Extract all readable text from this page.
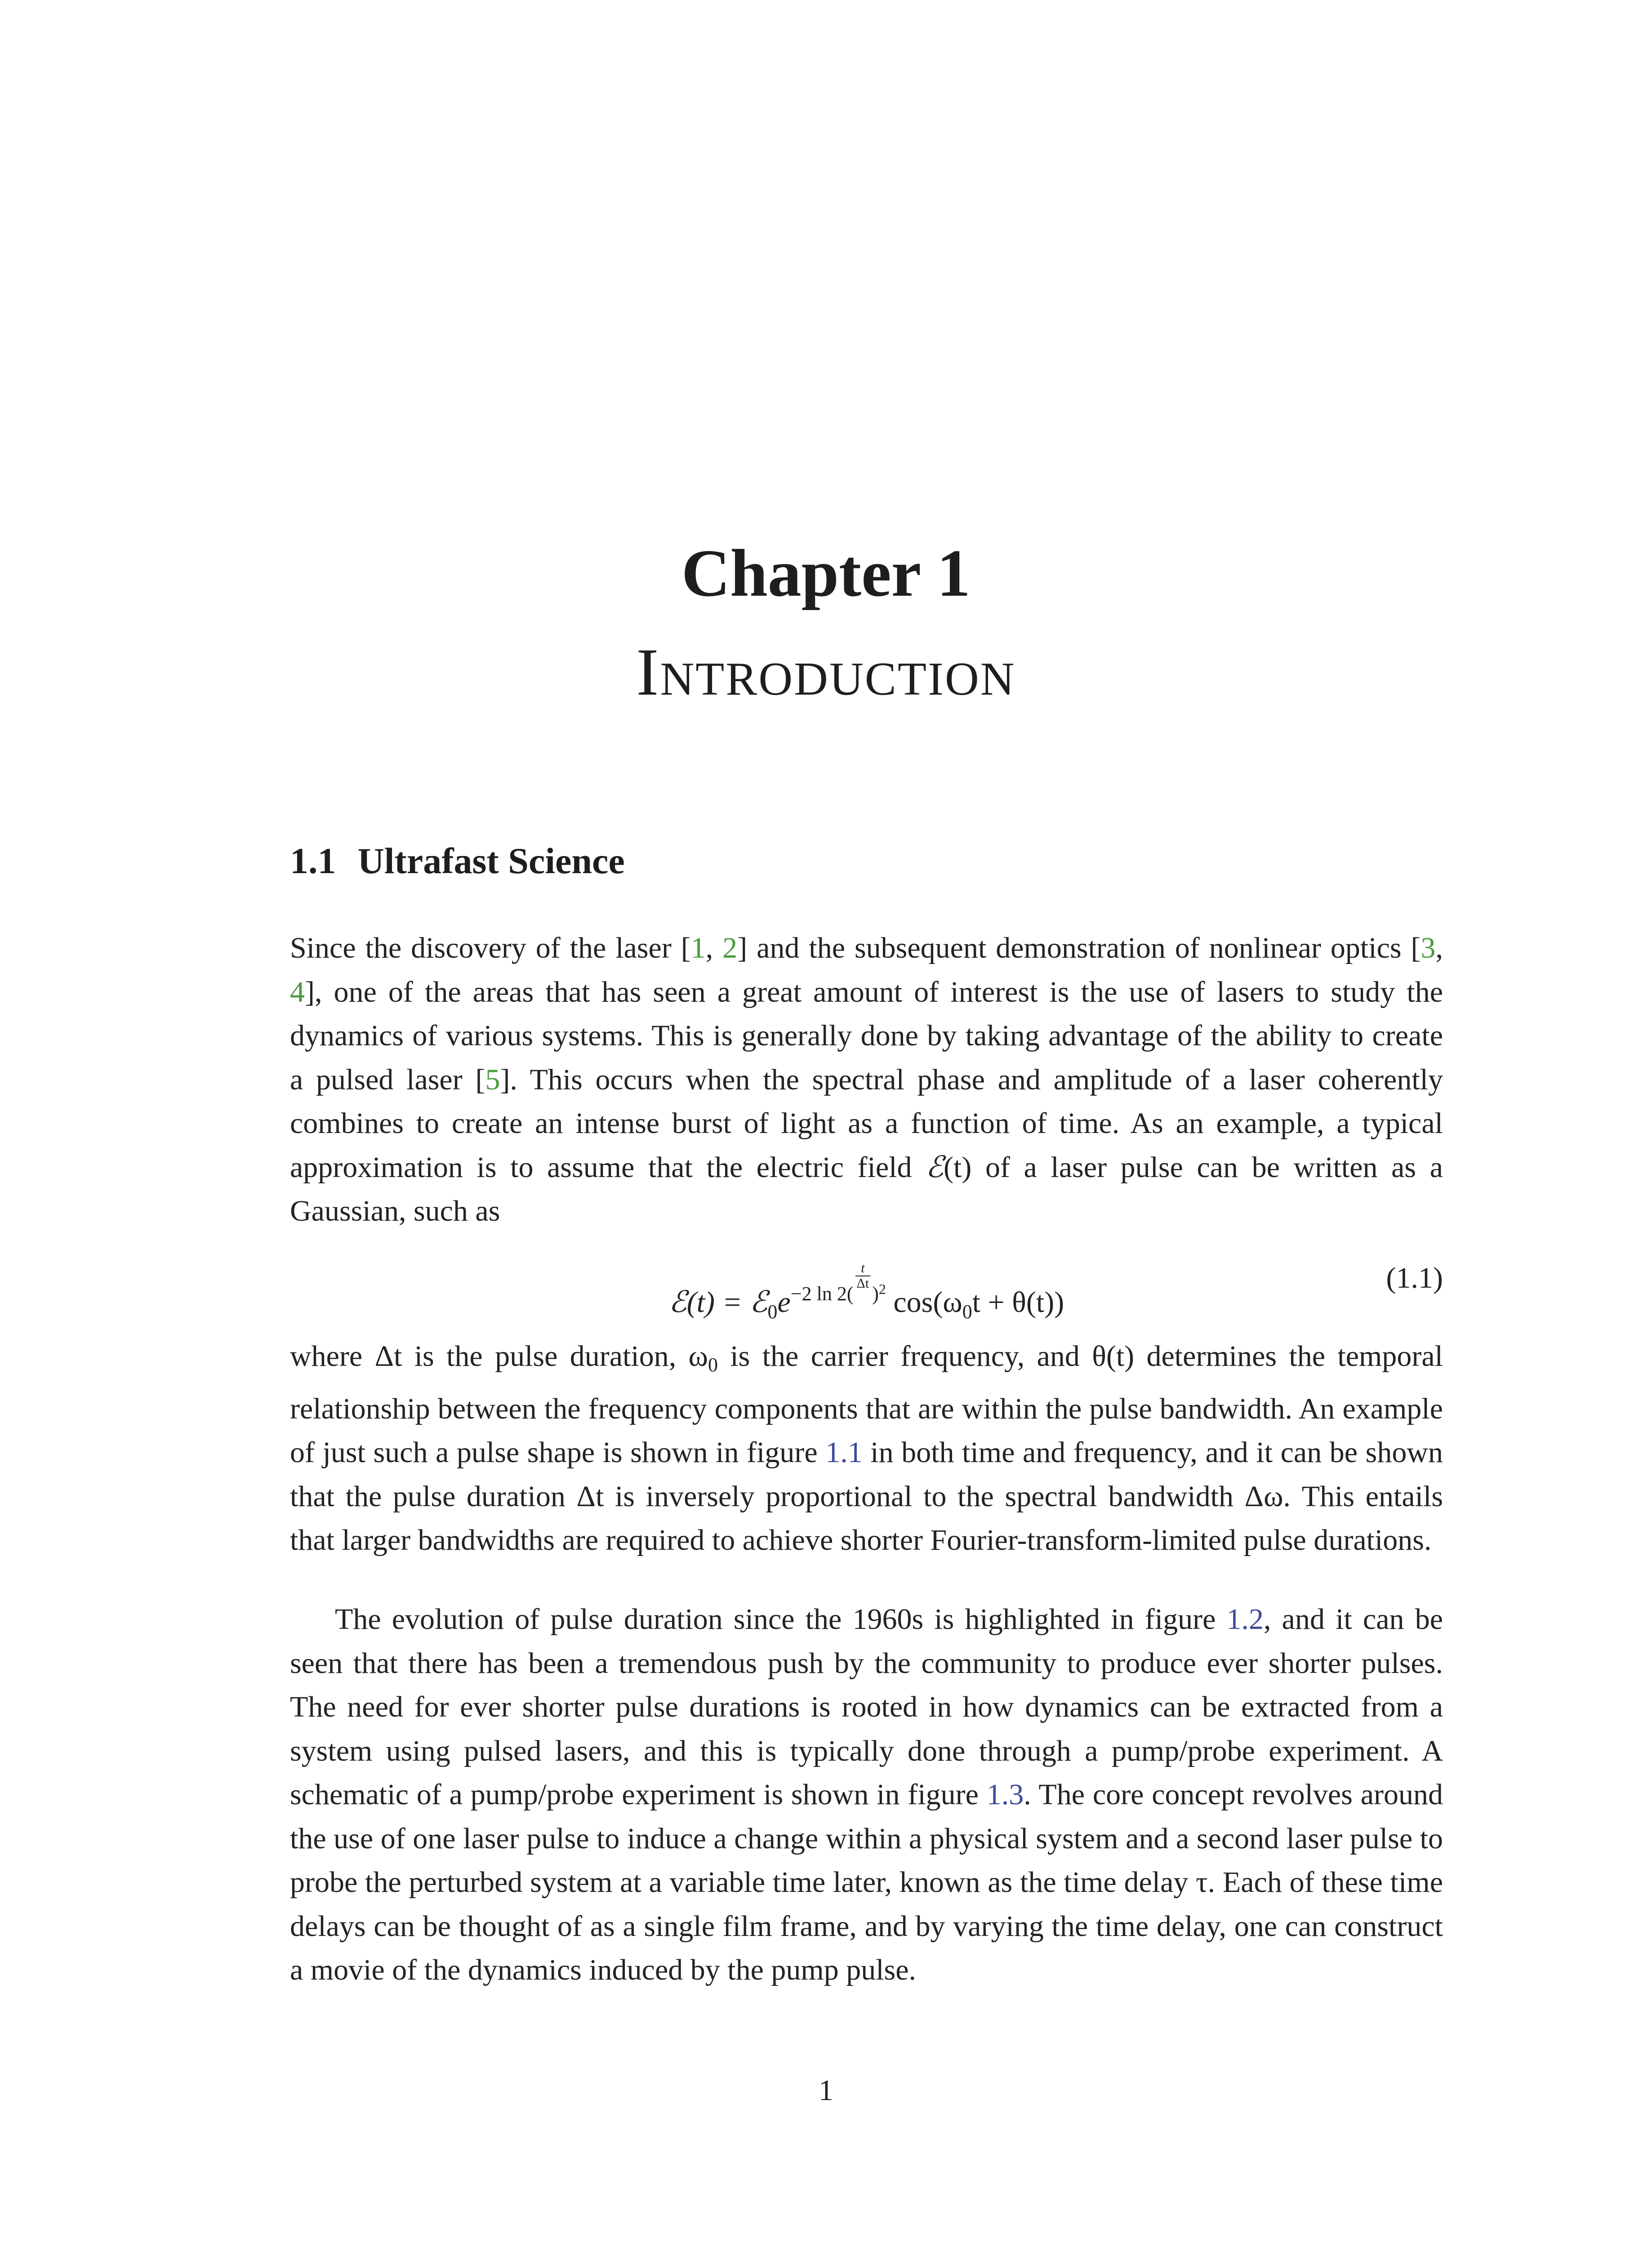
Chapter 1
Introduction
1.1 Ultrafast Science

Since the discovery of the laser [1, 2] and the subsequent demonstration of nonlinear optics [3, 4], one of the areas that has seen a great amount of interest is the use of lasers to study the dynamics of various systems. This is generally done by taking advantage of the ability to create a pulsed laser [5]. This occurs when the spectral phase and amplitude of a laser coherently combines to create an intense burst of light as a function of time. As an example, a typical approximation is to assume that the electric field ℰ(t) of a laser pulse can be written as a Gaussian, such as

ℰ(t) = $ℰ_0e^{-2 ln 2( \frac{t}{\Delta t} )^2}$ $\cos(\omega_0t + \theta(t))$
(1.1)

where Δt is the pulse duration, $\omega_0$ is the carrier frequency, and θ(t) determines the temporal relationship between the frequency components that are within the pulse bandwidth. An example of just such a pulse shape is shown in figure 1.1 in both time and frequency, and it can be shown that the pulse duration Δt is inversely proportional to the spectral bandwidth Δω. This entails that larger bandwidths are required to achieve shorter Fourier-transform-limited pulse durations.

The evolution of pulse duration since the 1960s is highlighted in figure 1.2, and it can be seen that there has been a tremendous push by the community to produce ever shorter pulses. The need for ever shorter pulse durations is rooted in how dynamics can be extracted from a system using pulsed lasers, and this is typically done through a pump/probe experiment. A schematic of a pump/probe experiment is shown in figure 1.3. The core concept revolves around the use of one laser pulse to induce a change within a physical system and a second laser pulse to probe the perturbed system at a variable time later, known as the time delay τ. Each of these time delays can be thought of as a single film frame, and by varying the time delay, one can construct a movie of the dynamics induced by the pump pulse.

1
